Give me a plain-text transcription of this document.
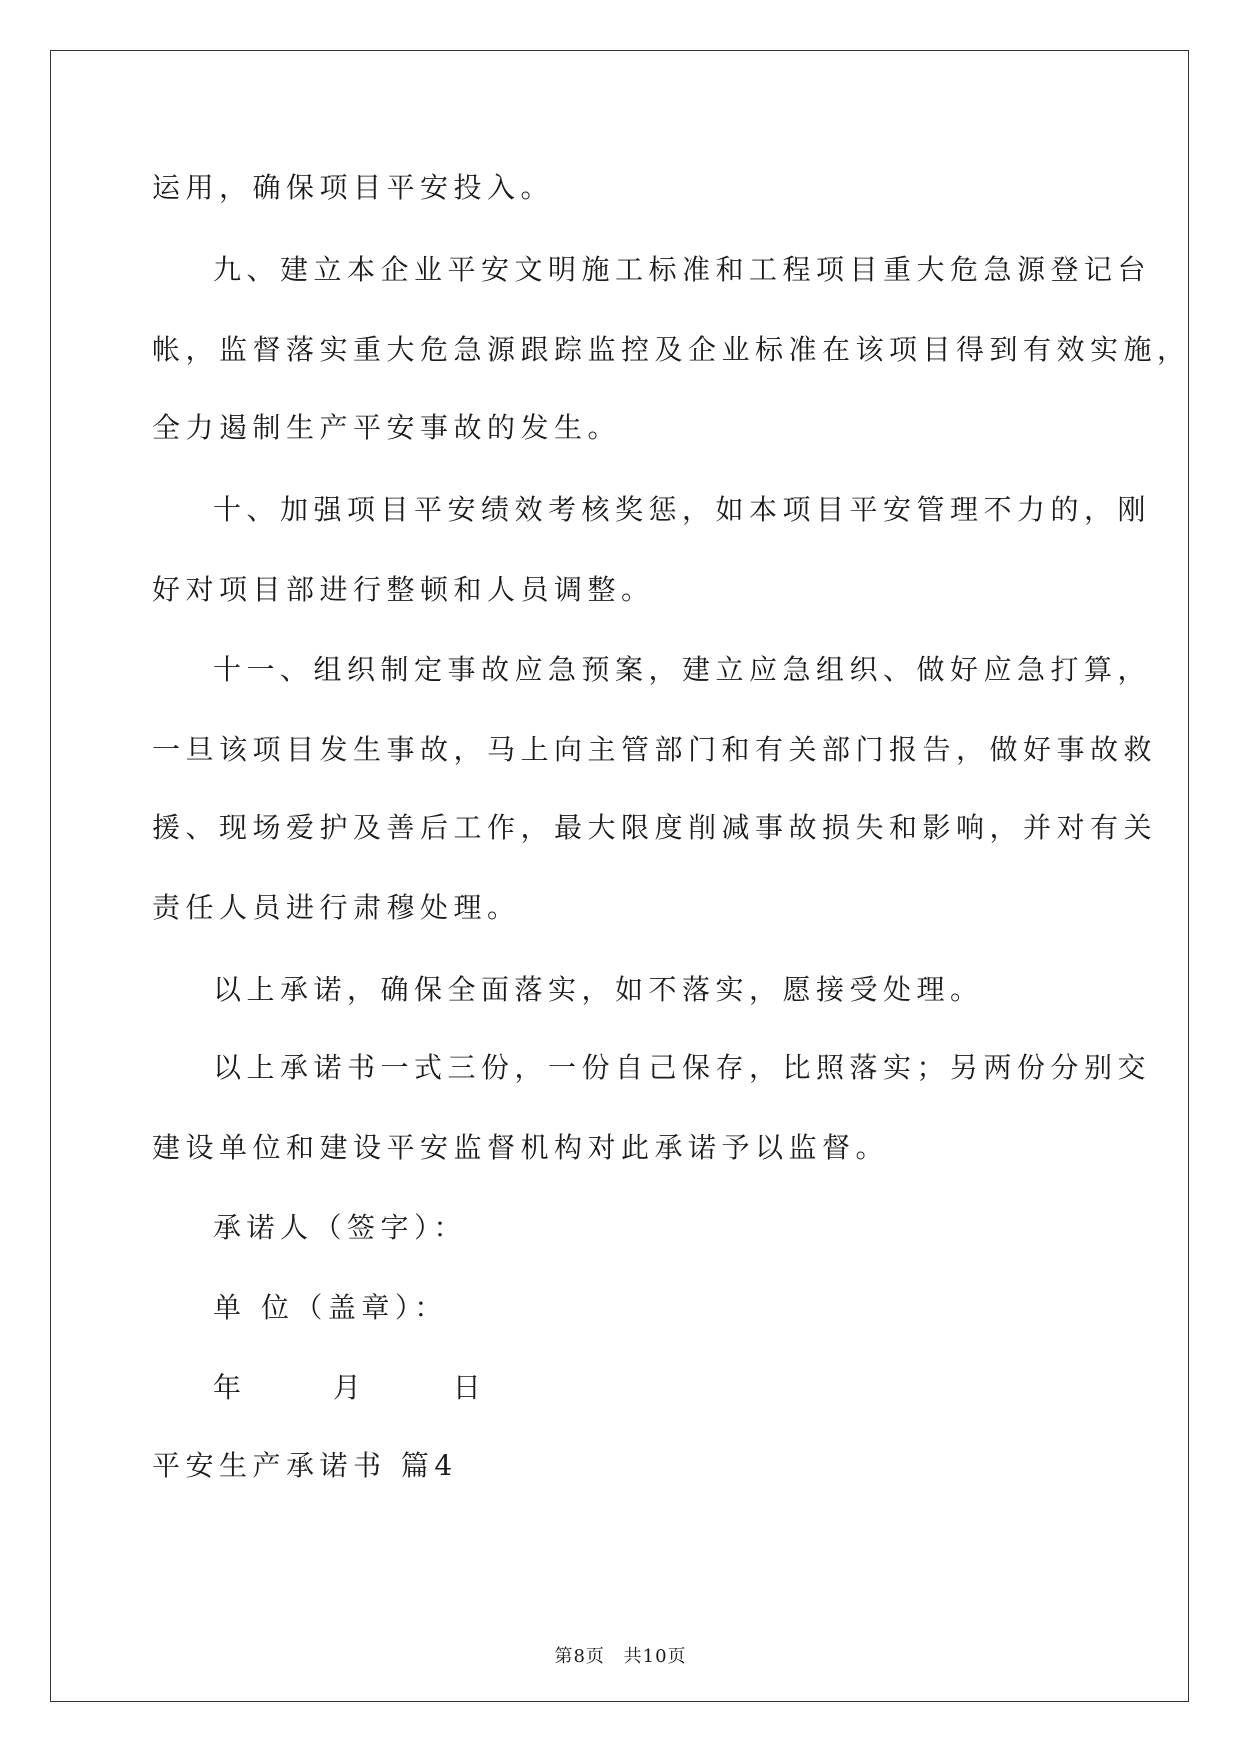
运用，确保项目平安投入。
九、建立本企业平安文明施工标准和工程项目重大危急源登记台
帐，监督落实重大危急源跟踪监控及企业标准在该项目得到有效实施，
全力遏制生产平安事故的发生。
十、加强项目平安绩效考核奖惩，如本项目平安管理不力的，刚
好对项目部进行整顿和人员调整。
十一、组织制定事故应急预案，建立应急组织、做好应急打算，
一旦该项目发生事故，马上向主管部门和有关部门报告，做好事故救
援、现场爱护及善后工作，最大限度削减事故损失和影响，并对有关
责任人员进行肃穆处理。
以上承诺，确保全面落实，如不落实，愿接受处理。
以上承诺书一式三份，一份自己保存，比照落实；另两份分别交
建设单位和建设平安监督机构对此承诺予以监督。
承诺人（签字）：
单 位（盖章）：
年      月      日
平安生产承诺书 篇4
第8页 共10页
